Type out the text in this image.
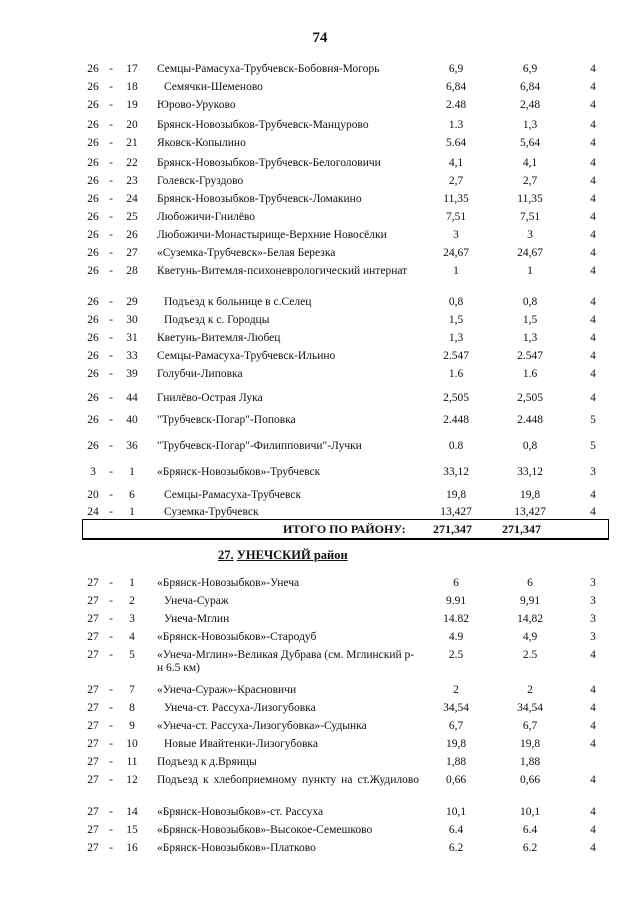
74
26 -	17	Семцы-Рамасуха-Трубчевск-Бобовня-Могорь	6,9	6,9	4
26 -	18	Семячки-Шеменово	6,84	6,84	4
26 -	19	Юрово-Уруково	2.48	2,48	4
26 -	20	Брянск-Новозыбков-Трубчевск-Манцурово	1.3	1,3	4
26 -	21	Яковск-Копылино	5.64	5,64	4
26 -	22	Брянск-Новозыбков-Трубчевск-Белоголовичи	4,1	4,1	4
26 -	23	Голевск-Груздово	2,7	2,7	4
26 -	24	Брянск-Новозыбков-Трубчевск-Ломакино	11,35	11,35	4
26 -	25	Любожичи-Гнилёво	7,51	7,51	4
26 -	26	Любожичи-Монастырище-Верхние Новосёлки	3	3	4
26 -	27	«Суземка-Трубчевск»-Белая Березка	24,67	24,67	4
26 -	28	Кветунь-Витемля-психоневрологический интернат	1	1	4
26 -	29	Подъезд к больнице в с.Селец	0,8	0,8	4
26 -	30	Подъезд к с. Городцы	1,5	1,5	4
26 -	31	Кветунь-Витемля-Любец	1,3	1,3	4
26 -	33	Семцы-Рамасуха-Трубчевск-Ильино	2.547	2.547	4
26 -	39	Голубчи-Липовка	1.6	1.6	4
26 -	44	Гнилёво-Острая Лука	2,505	2,505	4
26 -	40	"Трубчевск-Погар"-Поповка	2.448	2.448	5
26 -	36	"Трубчевск-Погар"-Филипповичи"-Лучки	0.8	0,8	5
3	-	1	«Брянск-Новозыбков»-Трубчевск	33,12	33,12	3
20 -	6	Семцы-Рамасуха-Трубчевск	19,8	19,8	4
24 -	1	Суземка-Трубчевск	13,427	13,427	4
ИТОГО ПО РАЙОНУ: 271,347	271,347
27. УНЕЧСКИЙ район
27 -	1	«Брянск-Новозыбков»-Унеча	6	6	3
27 -	2	Унеча-Сураж	9.91	9,91	3
27 -	3	Унеча-Мглин	14.82	14,82	3
27 -	4	«Брянск-Новозыбков»-Стародуб	4.9	4,9	3
27 -	5	«Унеча-Мглин»-Великая Дубрава (см. Мглинский р-н 6.5 км)
2.5	2.5	4
27 -	7	«Унеча-Сураж»-Красновичи	2	2	4
27 -	8	Унеча-ст. Рассуха-Лизогубовка	34,54	34,54	4
27 -	9	«Унеча-ст. Рассуха-Лизогубовка»-Судынка	6,7	6,7	4
27 -	10	Новые Ивайтенки-Лизогубовка	19,8	19,8	4
27 -	11	Подъезд к д.Врянцы	1,88	1,88
27 -	12	Подъезд к хлебоприемному пункту на ст.Жудилово	0,66	0,66	4
27 -	14	«Брянск-Новозыбков»-ст. Рассуха	10,1	10,1	4
27 -	15	«Брянск-Новозыбков»-Высокое-Семешково	6.4	6.4	4
27 -	16	«Брянск-Новозыбков»-Платково	6.2	6.2	4
